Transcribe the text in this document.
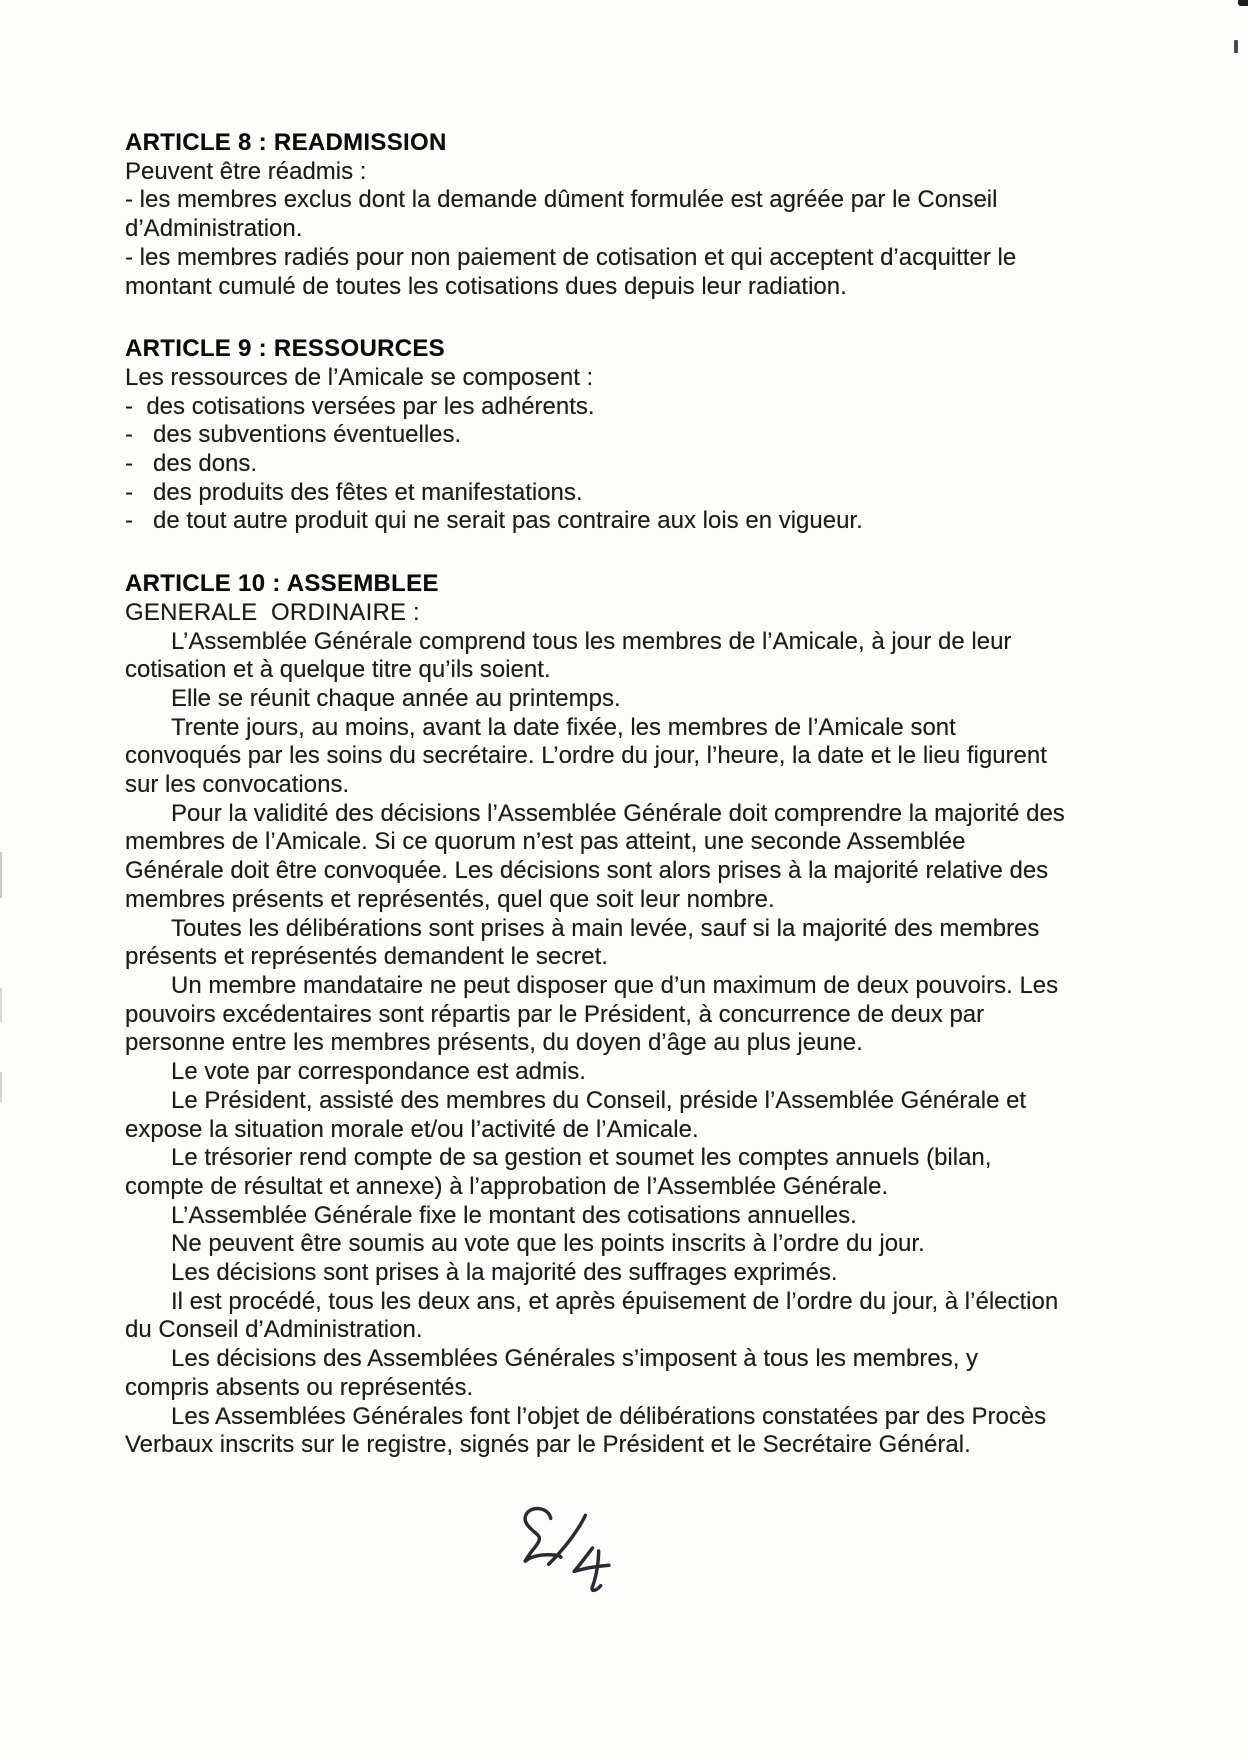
ARTICLE 8 : READMISSION
Peuvent être réadmis :
- les membres exclus dont la demande dûment formulée est agréée par le Conseil
d’Administration.
- les membres radiés pour non paiement de cotisation et qui acceptent d’acquitter le
montant cumulé de toutes les cotisations dues depuis leur radiation.
ARTICLE 9 : RESSOURCES
Les ressources de l’Amicale se composent :
-  des cotisations versées par les adhérents.
-   des subventions éventuelles.
-   des dons.
-   des produits des fêtes et manifestations.
-   de tout autre produit qui ne serait pas contraire aux lois en vigueur.
ARTICLE 10 : ASSEMBLEE
GENERALE  ORDINAIRE :
L’Assemblée Générale comprend tous les membres de l’Amicale, à jour de leur
cotisation et à quelque titre qu’ils soient.
Elle se réunit chaque année au printemps.
Trente jours, au moins, avant la date fixée, les membres de l’Amicale sont
convoqués par les soins du secrétaire. L’ordre du jour, l’heure, la date et le lieu figurent
sur les convocations.
Pour la validité des décisions l’Assemblée Générale doit comprendre la majorité des
membres de l’Amicale. Si ce quorum n’est pas atteint, une seconde Assemblée
Générale doit être convoquée. Les décisions sont alors prises à la majorité relative des
membres présents et représentés, quel que soit leur nombre.
Toutes les délibérations sont prises à main levée, sauf si la majorité des membres
présents et représentés demandent le secret.
Un membre mandataire ne peut disposer que d’un maximum de deux pouvoirs. Les
pouvoirs excédentaires sont répartis par le Président, à concurrence de deux par
personne entre les membres présents, du doyen d’âge au plus jeune.
Le vote par correspondance est admis.
Le Président, assisté des membres du Conseil, préside l’Assemblée Générale et
expose la situation morale et/ou l’activité de l’Amicale.
Le trésorier rend compte de sa gestion et soumet les comptes annuels (bilan,
compte de résultat et annexe) à l’approbation de l’Assemblée Générale.
L’Assemblée Générale fixe le montant des cotisations annuelles.
Ne peuvent être soumis au vote que les points inscrits à l’ordre du jour.
Les décisions sont prises à la majorité des suffrages exprimés.
Il est procédé, tous les deux ans, et après épuisement de l’ordre du jour, à l’élection
du Conseil d’Administration.
Les décisions des Assemblées Générales s’imposent à tous les membres, y
compris absents ou représentés.
Les Assemblées Générales font l’objet de délibérations constatées par des Procès
Verbaux inscrits sur le registre, signés par le Président et le Secrétaire Général.
